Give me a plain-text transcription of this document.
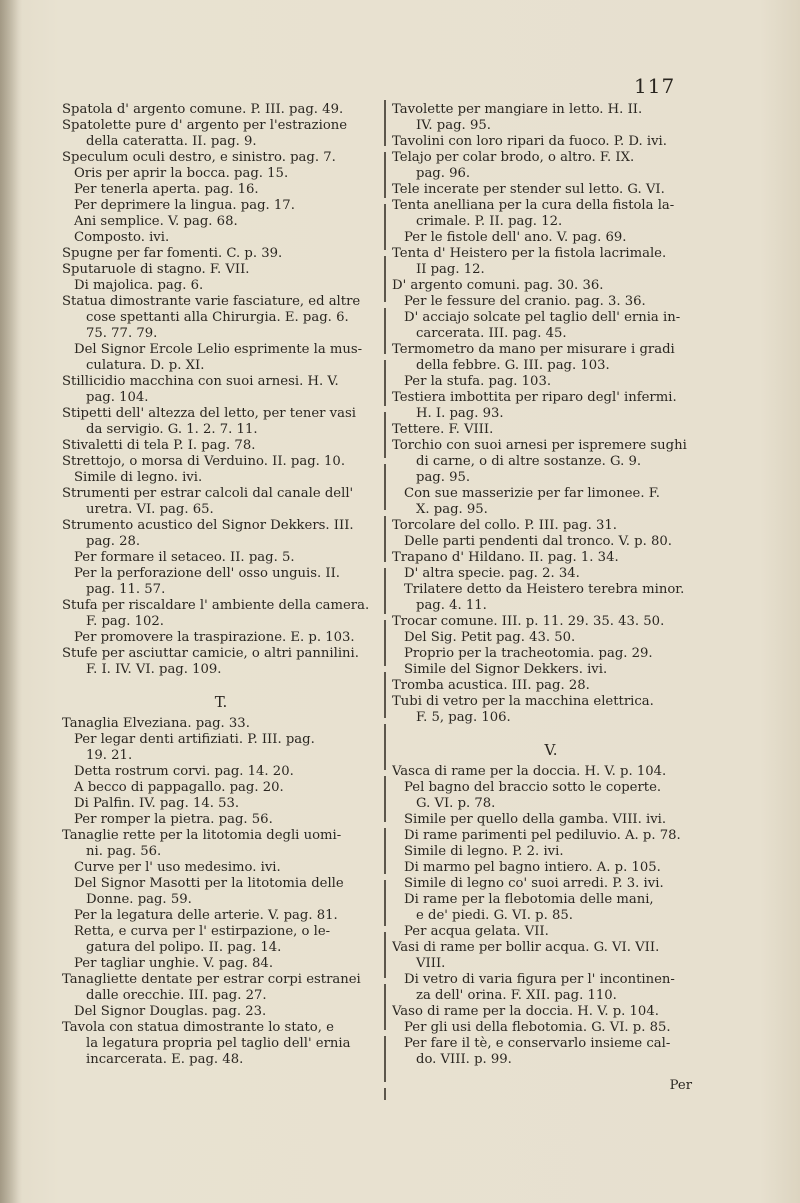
117
Spatola d' argento comune. P. III. pag. 49.
Spatolette pure d' argento per l'estrazione
della cateratta. II. pag. 9.
Speculum oculi destro, e sinistro. pag. 7.
Oris per aprir la bocca. pag. 15.
Per tenerla aperta. pag. 16.
Per deprimere la lingua. pag. 17.
Ani semplice. V. pag. 68.
Composto. ivi.
Spugne per far fomenti. C. p. 39.
Sputaruole di stagno. F. VII.
Di majolica. pag. 6.
Statua dimostrante varie fasciature, ed altre
cose spettanti alla Chirurgia. E. pag. 6.
75. 77. 79.
Del Signor Ercole Lelio esprimente la mus-
culatura. D. p. XI.
Stillicidio macchina con suoi arnesi. H. V.
pag. 104.
Stipetti dell' altezza del letto, per tener vasi
da servigio. G. 1. 2. 7. 11.
Stivaletti di tela P. I. pag. 78.
Strettojo, o morsa di Verduino. II. pag. 10.
Simile di legno. ivi.
Strumenti per estrar calcoli dal canale dell'
uretra. VI. pag. 65.
Strumento acustico del Signor Dekkers. III.
pag. 28.
Per formare il setaceo. II. pag. 5.
Per la perforazione dell' osso unguis. II.
pag. 11. 57.
Stufa per riscaldare l' ambiente della camera.
F. pag. 102.
Per promovere la traspirazione. E. p. 103.
Stufe per asciuttar camicie, o altri pannilini.
F. I. IV. VI. pag. 109.
T.
Tanaglia Elveziana. pag. 33.
Per legar denti artifiziati. P. III. pag.
19. 21.
Detta rostrum corvi. pag. 14. 20.
A becco di pappagallo. pag. 20.
Di Palfin. IV. pag. 14. 53.
Per romper la pietra. pag. 56.
Tanaglie rette per la litotomia degli uomi-
ni. pag. 56.
Curve per l' uso medesimo. ivi.
Del Signor Masotti per la litotomia delle
Donne. pag. 59.
Per la legatura delle arterie. V. pag. 81.
Retta, e curva per l' estirpazione, o le-
gatura del polipo. II. pag. 14.
Per tagliar unghie. V. pag. 84.
Tanagliette dentate per estrar corpi estranei
dalle orecchie. III. pag. 27.
Del Signor Douglas. pag. 23.
Tavola con statua dimostrante lo stato, e
la legatura propria pel taglio dell' ernia
incarcerata. E. pag. 48.
Tavolette per mangiare in letto. H. II.
IV. pag. 95.
Tavolini con loro ripari da fuoco. P. D. ivi.
Telajo per colar brodo, o altro. F. IX.
pag. 96.
Tele incerate per stender sul letto. G. VI.
Tenta anelliana per la cura della fistola la-
crimale. P. II. pag. 12.
Per le fistole dell' ano. V. pag. 69.
Tenta d' Heistero per la fistola lacrimale.
II pag. 12.
D' argento comuni. pag. 30. 36.
Per le fessure del cranio. pag. 3. 36.
D' acciajo solcate pel taglio dell' ernia in-
carcerata. III. pag. 45.
Termometro da mano per misurare i gradi
della febbre. G. III. pag. 103.
Per la stufa. pag. 103.
Testiera imbottita per riparo degl' infermi.
H. I. pag. 93.
Tettere. F. VIII.
Torchio con suoi arnesi per ispremere sughi
di carne, o di altre sostanze. G. 9.
pag. 95.
Con sue masserizie per far limonee. F.
X. pag. 95.
Torcolare del collo. P. III. pag. 31.
Delle parti pendenti dal tronco. V. p. 80.
Trapano d' Hildano. II. pag. 1. 34.
D' altra specie. pag. 2. 34.
Trilatere detto da Heistero terebra minor.
pag. 4. 11.
Trocar comune. III. p. 11. 29. 35. 43. 50.
Del Sig. Petit pag. 43. 50.
Proprio per la tracheotomia. pag. 29.
Simile del Signor Dekkers. ivi.
Tromba acustica. III. pag. 28.
Tubi di vetro per la macchina elettrica.
F. 5, pag. 106.
V.
Vasca di rame per la doccia. H. V. p. 104.
Pel bagno del braccio sotto le coperte.
G. VI. p. 78.
Simile per quello della gamba. VIII. ivi.
Di rame parimenti pel pediluvio. A. p. 78.
Simile di legno. P. 2. ivi.
Di marmo pel bagno intiero. A. p. 105.
Simile di legno co' suoi arredi. P. 3. ivi.
Di rame per la flebotomia delle mani,
e de' piedi. G. VI. p. 85.
Per acqua gelata. VII.
Vasi di rame per bollir acqua. G. VI. VII.
VIII.
Di vetro di varia figura per l' incontinen-
za dell' orina. F. XII. pag. 110.
Vaso di rame per la doccia. H. V. p. 104.
Per gli usi della flebotomia. G. VI. p. 85.
Per fare il tè, e conservarlo insieme cal-
do. VIII. p. 99.
Per
